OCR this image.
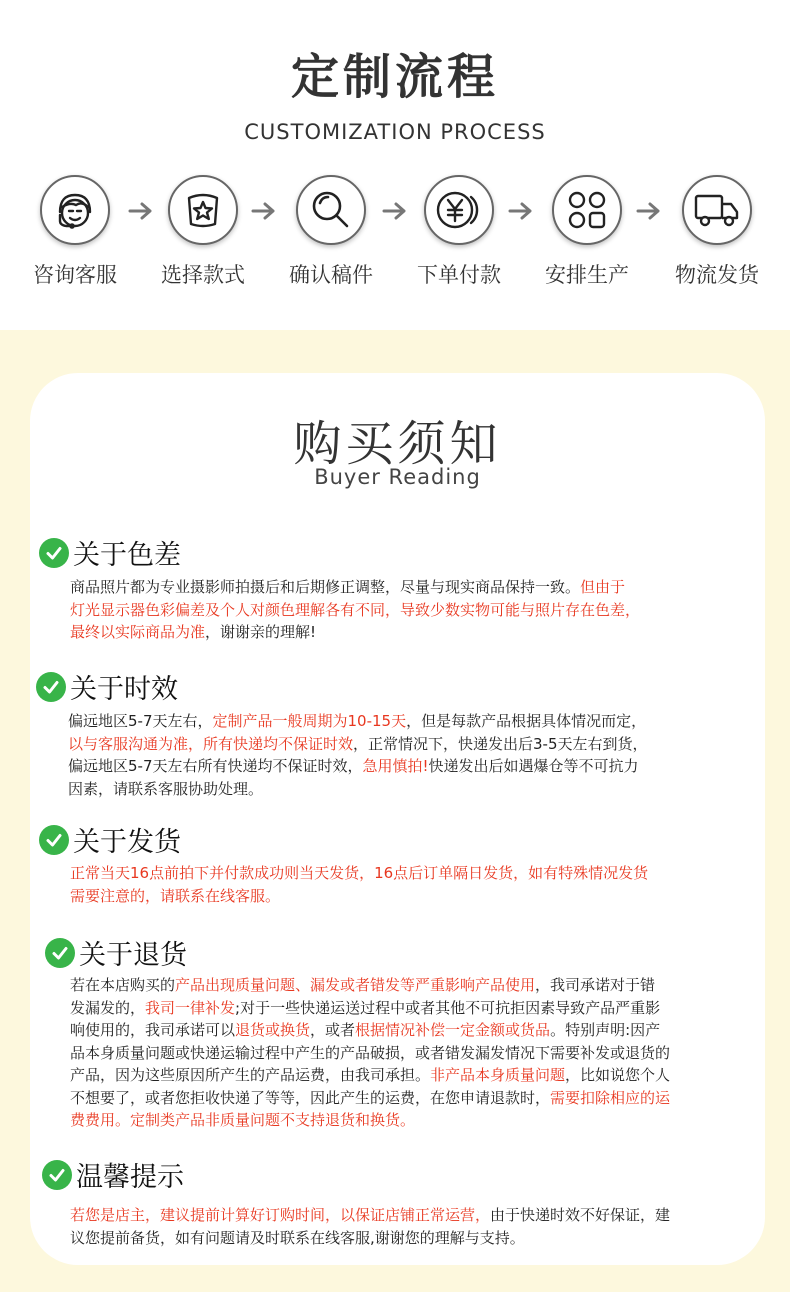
定制流程
CUSTOMIZATION PROCESS
咨询客服	选择款式	确认稿件	下单付款	安排生产	物流发货
购买须知
Buyer Reading
关于色差
商品照片都为专业摄影师拍摄后和后期修正调整，尽量与现实商品保持一致。但由于
灯光显示器色彩偏差及个人对颜色理解各有不同，导致少数实物可能与照片存在色差，
最终以实际商品为准，谢谢亲的理解!
关于时效
偏远地区5-7天左右，定制产品一般周期为10-15天，但是每款产品根据具体情况而定，
以与客服沟通为准，所有快递均不保证时效，正常情况下，快递发出后3-5天左右到货，
偏远地区5-7天左右所有快递均不保证时效，急用慎拍!快递发出后如遇爆仓等不可抗力
因素，请联系客服协助处理。
关于发货
正常当天16点前拍下并付款成功则当天发货，16点后订单隔日发货，如有特殊情况发货
需要注意的，请联系在线客服。
关于退货
若在本店购买的产品出现质量问题、漏发或者错发等严重影响产品使用，我司承诺对于错
发漏发的，我司一律补发;对于一些快递运送过程中或者其他不可抗拒因素导致产品严重影
响使用的，我司承诺可以退货或换货，或者根据情况补偿一定金额或货品。特别声明:因产
品本身质量问题或快递运输过程中产生的产品破损，或者错发漏发情况下需要补发或退货的
产品，因为这些原因所产生的产品运费，由我司承担。非产品本身质量问题，比如说您个人
不想要了，或者您拒收快递了等等，因此产生的运费，在您申请退款时，需要扣除相应的运
费费用。定制类产品非质量问题不支持退货和换货。
温馨提示
若您是店主，建议提前计算好订购时间，以保证店铺正常运营，由于快递时效不好保证，建
议您提前备货，如有问题请及时联系在线客服,谢谢您的理解与支持。
